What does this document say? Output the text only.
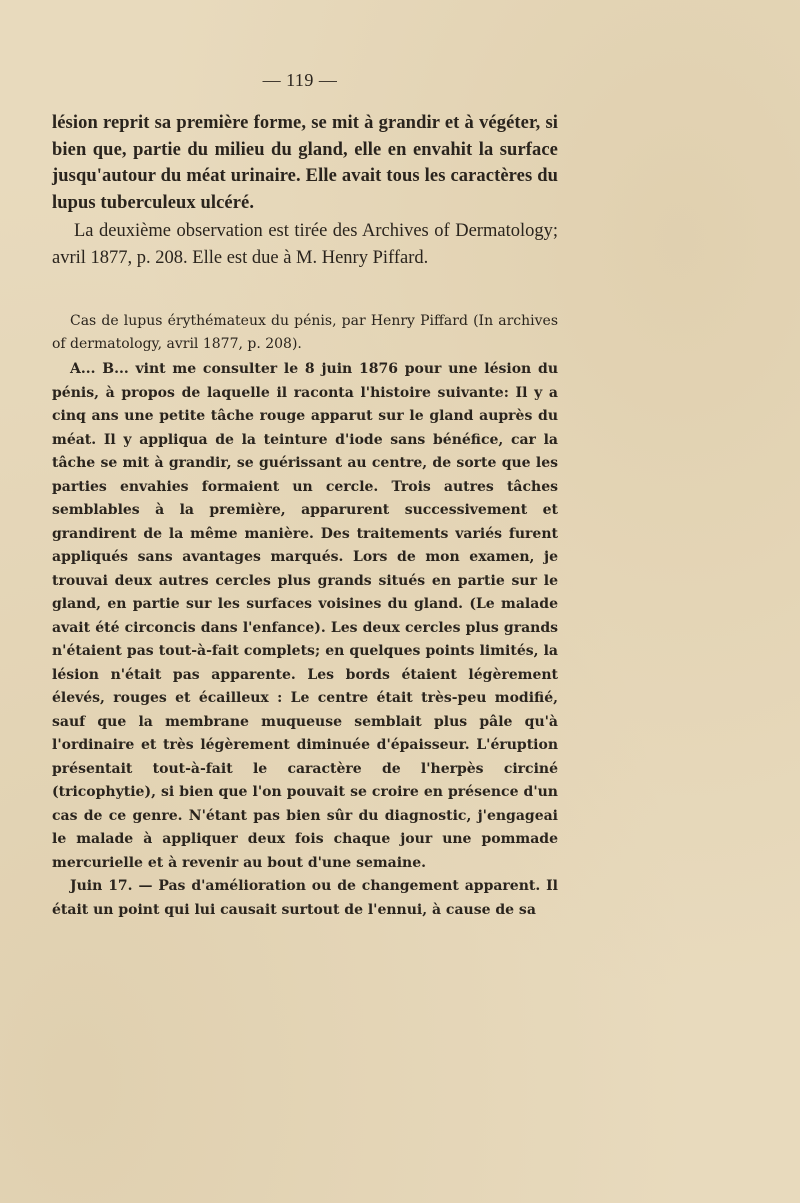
— 119 —
lésion reprit sa première forme, se mit à grandir et à végéter, si bien que, partie du milieu du gland, elle en envahit la surface jusqu'autour du méat urinaire. Elle avait tous les caractères du lupus tuberculeux ulcéré.
La deuxième observation est tirée des Archives of Dermatology; avril 1877, p. 208. Elle est due à M. Henry Piffard.
Cas de lupus érythémateux du pénis, par Henry Piffard (In archives of dermatology, avril 1877, p. 208).

A... B... vint me consulter le 8 juin 1876 pour une lésion du pénis, à propos de laquelle il raconta l'histoire suivante: Il y a cinq ans une petite tâche rouge apparut sur le gland auprès du méat. Il y appliqua de la teinture d'iode sans bénéfice, car la tâche se mit à grandir, se guérissant au centre, de sorte que les parties envahies formaient un cercle. Trois autres tâches semblables à la première, apparurent successivement et grandirent de la même manière. Des traitements variés furent appliqués sans avantages marqués. Lors de mon examen, je trouvai deux autres cercles plus grands situés en partie sur le gland, en partie sur les surfaces voisines du gland. (Le malade avait été circoncis dans l'enfance). Les deux cercles plus grands n'étaient pas tout-à-fait complets; en quelques points limités, la lésion n'était pas apparente. Les bords étaient légèrement élevés, rouges et écailleux : Le centre était très-peu modifié, sauf que la membrane muqueuse semblait plus pâle qu'à l'ordinaire et très légèrement diminuée d'épaisseur. L'éruption présentait tout-à-fait le caractère de l'herpès circiné (tricophytie), si bien que l'on pouvait se croire en présence d'un cas de ce genre. N'étant pas bien sûr du diagnostic, j'engageai le malade à appliquer deux fois chaque jour une pommade mercurielle et à revenir au bout d'une semaine.

Juin 17. — Pas d'amélioration ou de changement apparent. Il était un point qui lui causait surtout de l'ennui, à cause de sa
